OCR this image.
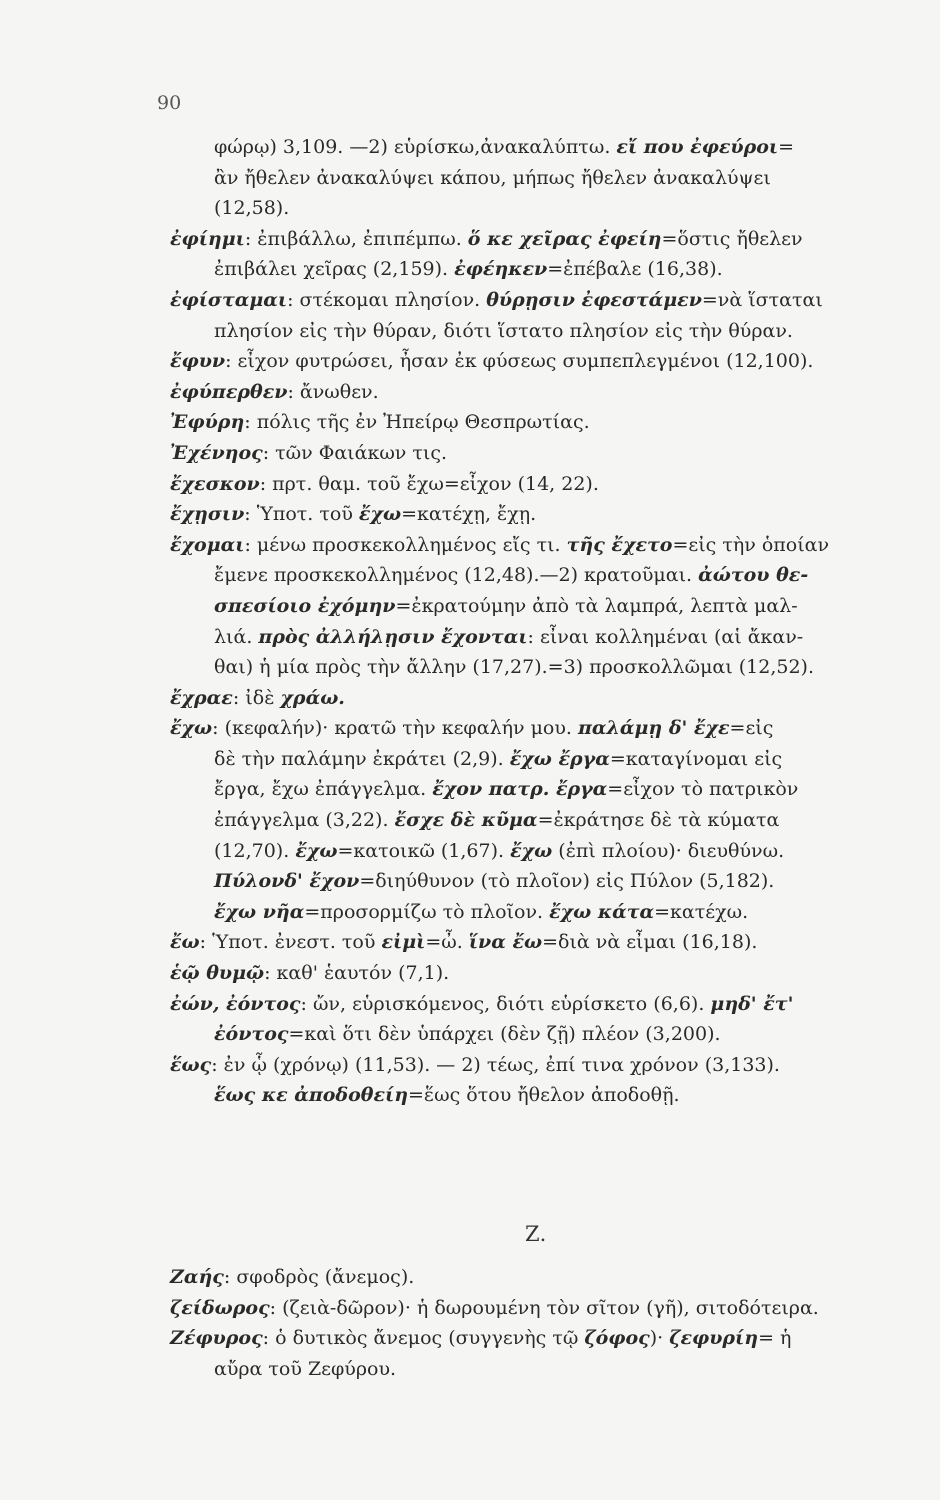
90

φώρῳ) 3,109. —2) εὑρίσκω,ἀνακαλύπτω. εἴ που ἐφεύροι=

ἂν ἤθελεν ἀνακαλύψει κάπου, μήπως ἤθελεν ἀνακαλύψει

(12,58).

ἐφίημι: ἐπιβάλλω, ἐπιπέμπω. ὅ κε χεῖρας ἐφείη=ὅστις ἤθελεν

ἐπιβάλει χεῖρας (2,159). ἐφέηκεν=ἐπέβαλε (16,38).

ἐφίσταμαι: στέκομαι πλησίον. θύρῃσιν ἐφεστάμεν=νὰ ἵσταται

πλησίον εἰς τὴν θύραν, διότι ἵστατο πλησίον εἰς τὴν θύραν.

ἔφυν: εἶχον φυτρώσει, ἦσαν ἐκ φύσεως συμπεπλεγμένοι (12,100).

ἐφύπερθεν: ἄνωθεν.

Ἐφύρη: πόλις τῆς ἐν Ἠπείρῳ Θεσπρωτίας.

Ἐχένηος: τῶν Φαιάκων τις.

ἔχεσκον: πρτ. θαμ. τοῦ ἔχω=εἶχον (14, 22).

ἔχῃσιν: Ὑποτ. τοῦ ἔχω=κατέχῃ, ἔχῃ.

ἔχομαι: μένω προσκεκολλημένος εἴς τι. τῆς ἔχετο=εἰς τὴν ὁποίαν

ἔμενε προσκεκολλημένος (12,48).—2) κρατοῦμαι. ἀώτου θε-

σπεσίοιο ἐχόμην=ἐκρατούμην ἀπὸ τὰ λαμπρά, λεπτὰ μαλ-

λιά. πρὸς ἀλλήλῃσιν ἔχονται: εἶναι κολλημέναι (αἱ ἄκαν-

θαι) ἡ μία πρὸς τὴν ἄλλην (17,27).=3) προσκολλῶμαι (12,52).

ἔχραε: ἰδὲ χράω.

ἔχω: (κεφαλήν)· κρατῶ τὴν κεφαλήν μου. παλάμῃ δ' ἔχε=εἰς

δὲ τὴν παλάμην ἐκράτει (2,9). ἔχω ἔργα=καταγίνομαι εἰς

ἔργα, ἔχω ἐπάγγελμα. ἔχον πατρ. ἔργα=εἶχον τὸ πατρικὸν

ἐπάγγελμα (3,22). ἔσχε δὲ κῦμα=ἐκράτησε δὲ τὰ κύματα

(12,70). ἔχω=κατοικῶ (1,67). ἔχω (ἐπὶ πλοίου)· διευθύνω.

Πύλονδ' ἔχον=διηύθυνον (τὸ πλοῖον) εἰς Πύλον (5,182).

ἔχω νῆα=προσορμίζω τὸ πλοῖον. ἔχω κάτα=κατέχω.

ἔω: Ὑποτ. ἐνεστ. τοῦ εἰμὶ=ὦ. ἵνα ἔω=διὰ νὰ εἶμαι (16,18).

ἑῷ θυμῷ: καθ' ἑαυτόν (7,1).

ἐών, ἐόντος: ὤν, εὑρισκόμενος, διότι εὑρίσκετο (6,6). μηδ' ἔτ'

ἐόντος=καὶ ὅτι δὲν ὑπάρχει (δὲν ζῇ) πλέον (3,200).

ἕως: ἐν ᾧ (χρόνῳ) (11,53). — 2) τέως, ἐπί τινα χρόνον (3,133).

ἕως κε ἀποδοθείη=ἕως ὅτου ἤθελον ἀποδοθῇ.

Ζ.

Ζαής: σφοδρὸς (ἄνεμος).

ζείδωρος: (ζειὰ-δῶρον)· ἡ δωρουμένη τὸν σῖτον (γῆ), σιτοδότειρα.

Ζέφυρος: ὁ δυτικὸς ἄνεμος (συγγενὴς τῷ ζόφος)· ζεφυρίη= ἡ

αὔρα τοῦ Ζεφύρου.
